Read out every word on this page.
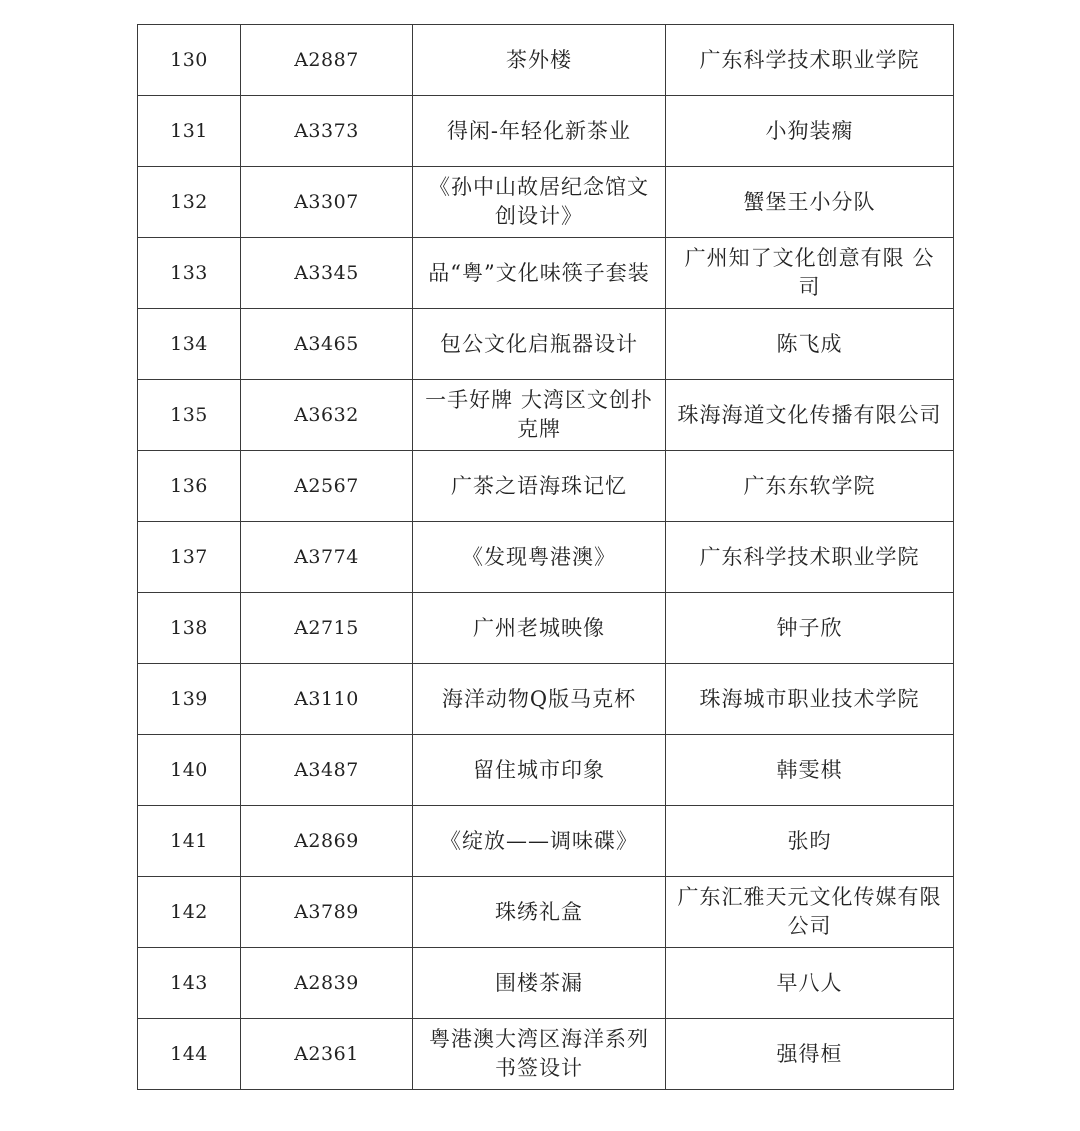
130	A2887	茶外楼	广东科学技术职业学院
131	A3373	得闲-年轻化新茶业	小狗装瘸
132	A3307	《孙中山故居纪念馆文创设计》	蟹堡王小分队
133	A3345	品“粤”文化味筷子套装	广州知了文化创意有限 公司
134	A3465	包公文化启瓶器设计	陈飞成
135	A3632	一手好牌 大湾区文创扑克牌	珠海海道文化传播有限公司
136	A2567	广茶之语海珠记忆	广东东软学院
137	A3774	《发现粤港澳》	广东科学技术职业学院
138	A2715	广州老城映像	钟子欣
139	A3110	海洋动物Q版马克杯	珠海城市职业技术学院
140	A3487	留住城市印象	韩雯棋
141	A2869	《绽放——调味碟》	张昀
142	A3789	珠绣礼盒	广东汇雅天元文化传媒有限公司
143	A2839	围楼茶漏	早八人
144	A2361	粤港澳大湾区海洋系列书签设计	强得桓
